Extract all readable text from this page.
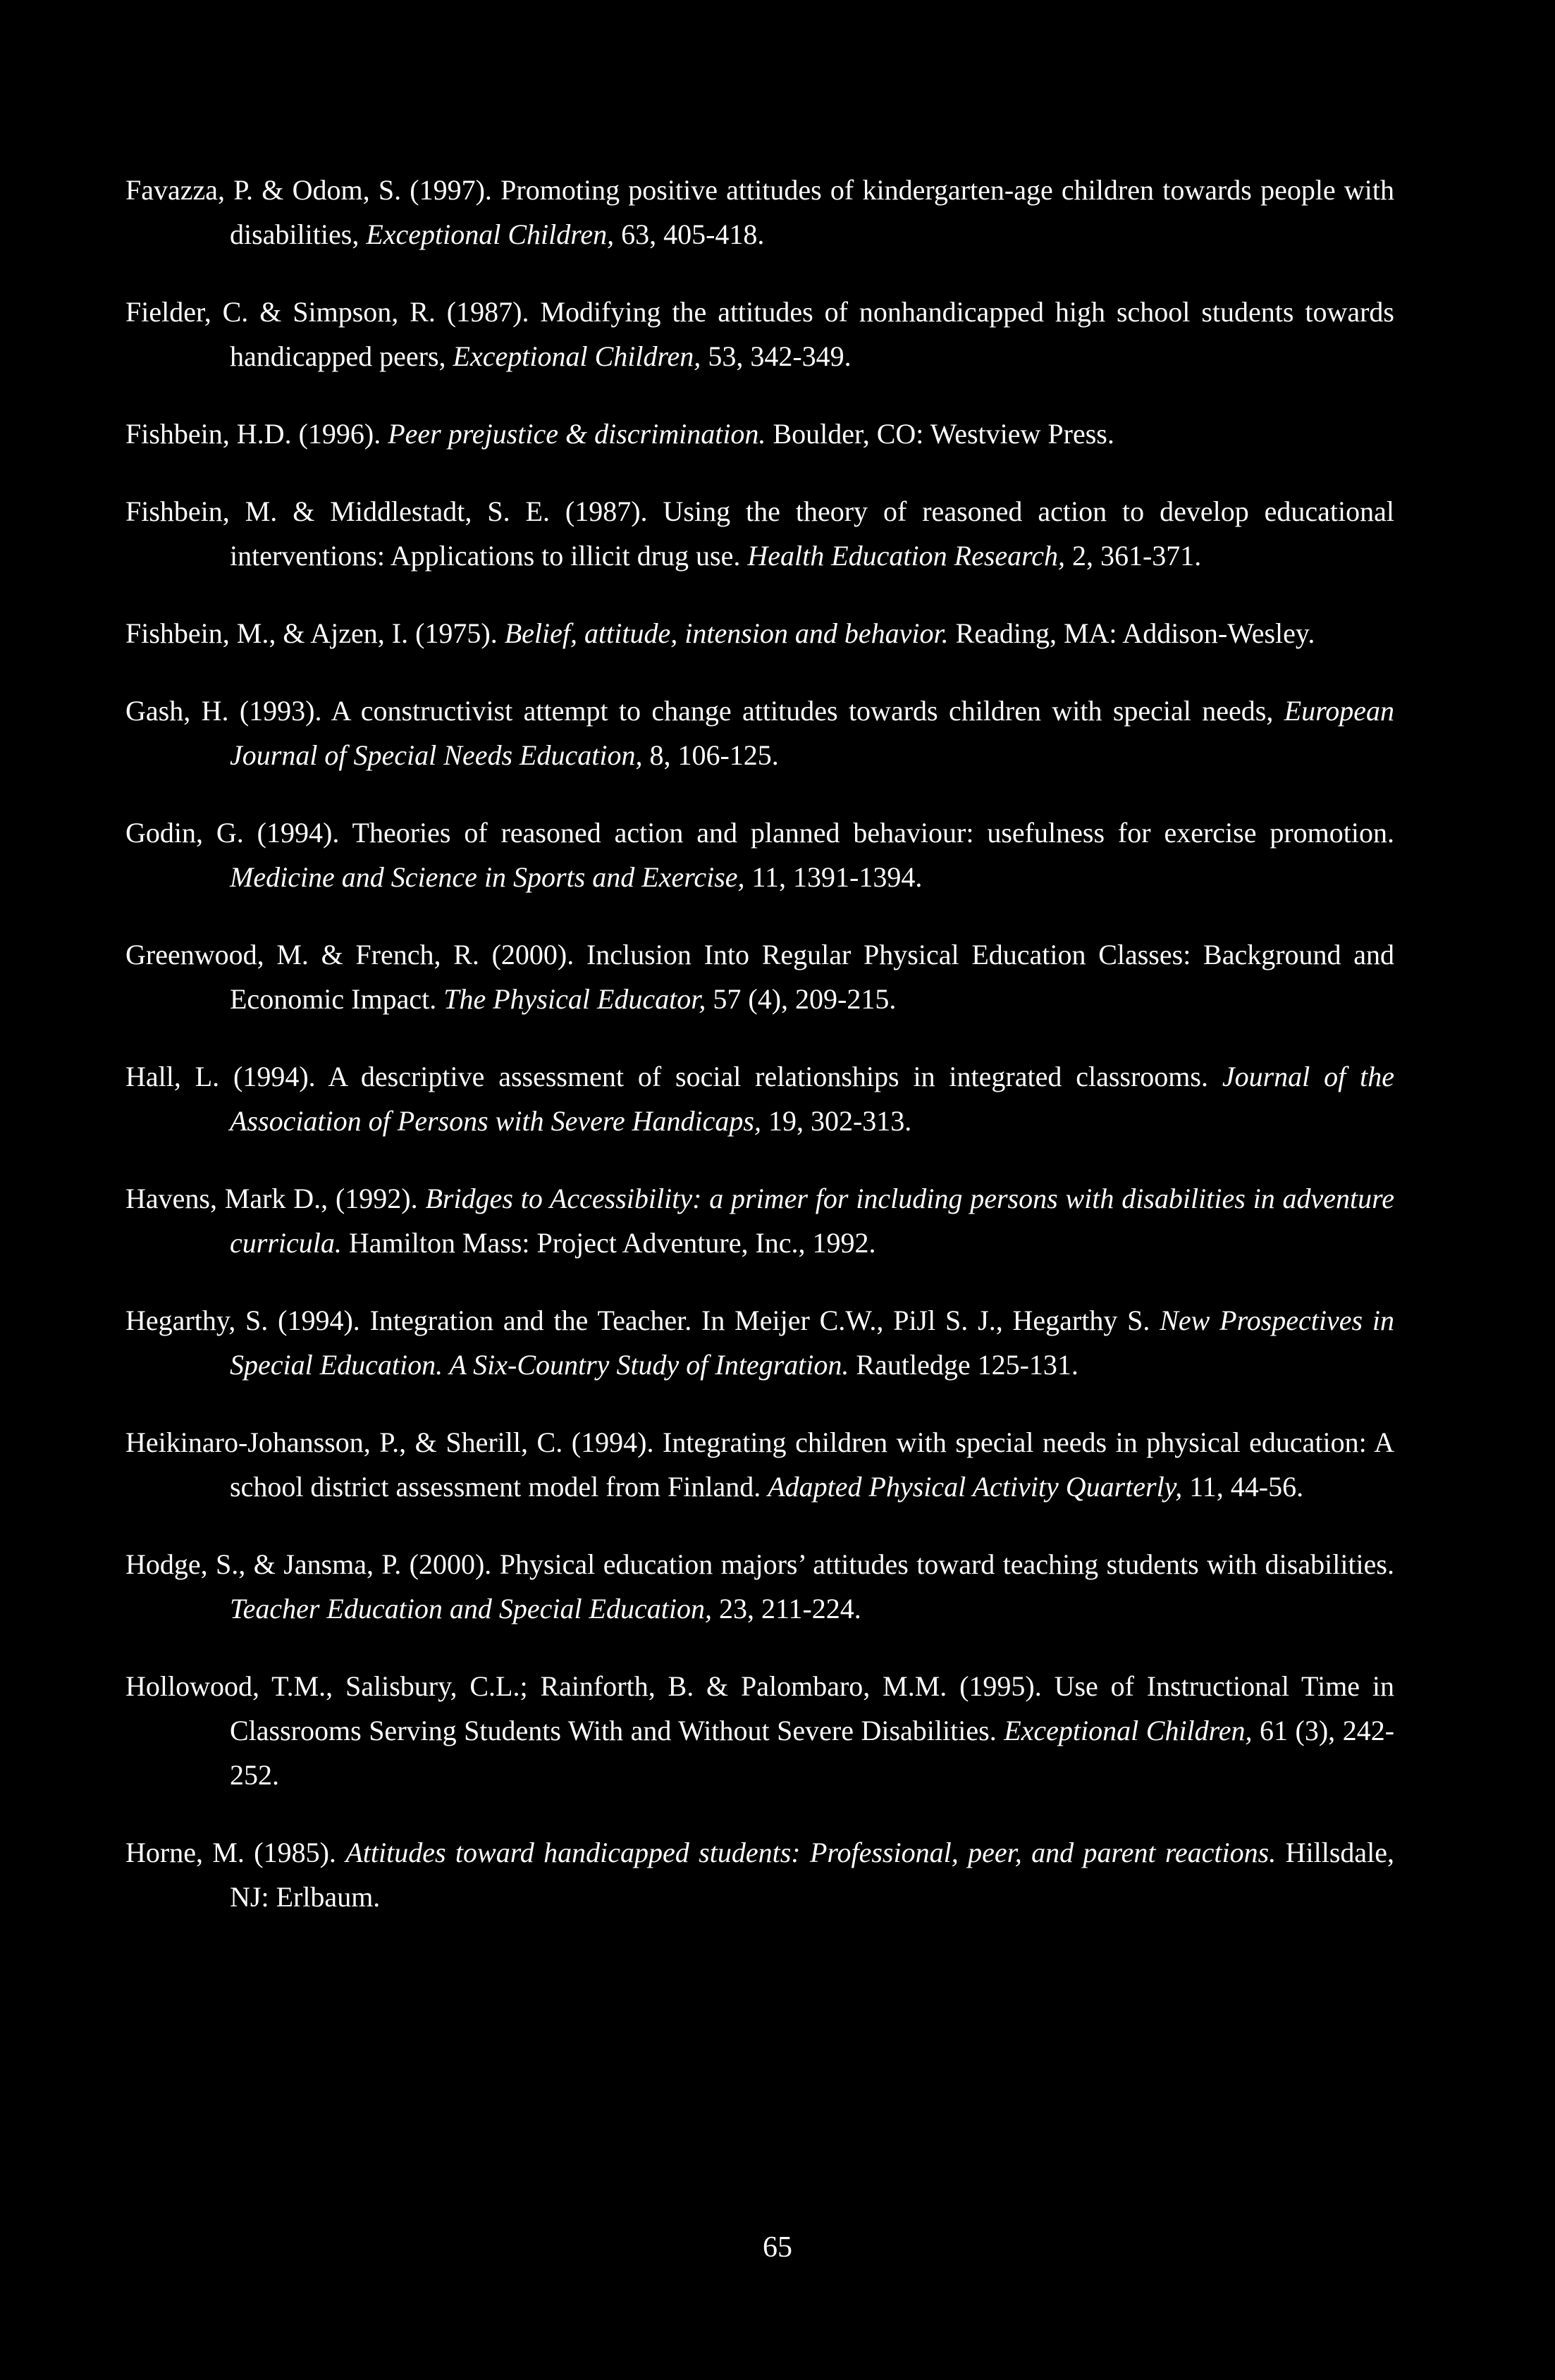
Favazza, P. & Odom, S. (1997). Promoting positive attitudes of kindergarten-age children towards people with disabilities, Exceptional Children, 63, 405-418.

Fielder, C. & Simpson, R. (1987). Modifying the attitudes of nonhandicapped high school students towards handicapped peers, Exceptional Children, 53, 342-349.

Fishbein, H.D. (1996). Peer prejustice & discrimination. Boulder, CO: Westview Press.

Fishbein, M. & Middlestadt, S. E. (1987). Using the theory of reasoned action to develop educational interventions: Applications to illicit drug use. Health Education Research, 2, 361-371.

Fishbein, M., & Ajzen, I. (1975). Belief, attitude, intension and behavior. Reading, MA: Addison-Wesley.

Gash, H. (1993). A constructivist attempt to change attitudes towards children with special needs, European Journal of Special Needs Education, 8, 106-125.

Godin, G. (1994). Theories of reasoned action and planned behaviour: usefulness for exercise promotion. Medicine and Science in Sports and Exercise, 11, 1391-1394.

Greenwood, M. & French, R. (2000). Inclusion Into Regular Physical Education Classes: Background and Economic Impact. The Physical Educator, 57 (4), 209-215.

Hall, L. (1994). A descriptive assessment of social relationships in integrated classrooms. Journal of the Association of Persons with Severe Handicaps, 19, 302-313.

Havens, Mark D., (1992). Bridges to Accessibility: a primer for including persons with disabilities in adventure curricula. Hamilton Mass: Project Adventure, Inc., 1992.

Hegarthy, S. (1994). Integration and the Teacher. In Meijer C.W., PiJl S. J., Hegarthy S. New Prospectives in Special Education. A Six-Country Study of Integration. Rautledge 125-131.

Heikinaro-Johansson, P., & Sherill, C. (1994). Integrating children with special needs in physical education: A school district assessment model from Finland. Adapted Physical Activity Quarterly, 11, 44-56.

Hodge, S., & Jansma, P. (2000). Physical education majors’ attitudes toward teaching students with disabilities. Teacher Education and Special Education, 23, 211-224.

Hollowood, T.M., Salisbury, C.L.; Rainforth, B. & Palombaro, M.M. (1995). Use of Instructional Time in Classrooms Serving Students With and Without Severe Disabilities. Exceptional Children, 61 (3), 242-252.

Horne, M. (1985). Attitudes toward handicapped students: Professional, peer, and parent reactions. Hillsdale, NJ: Erlbaum.

65
